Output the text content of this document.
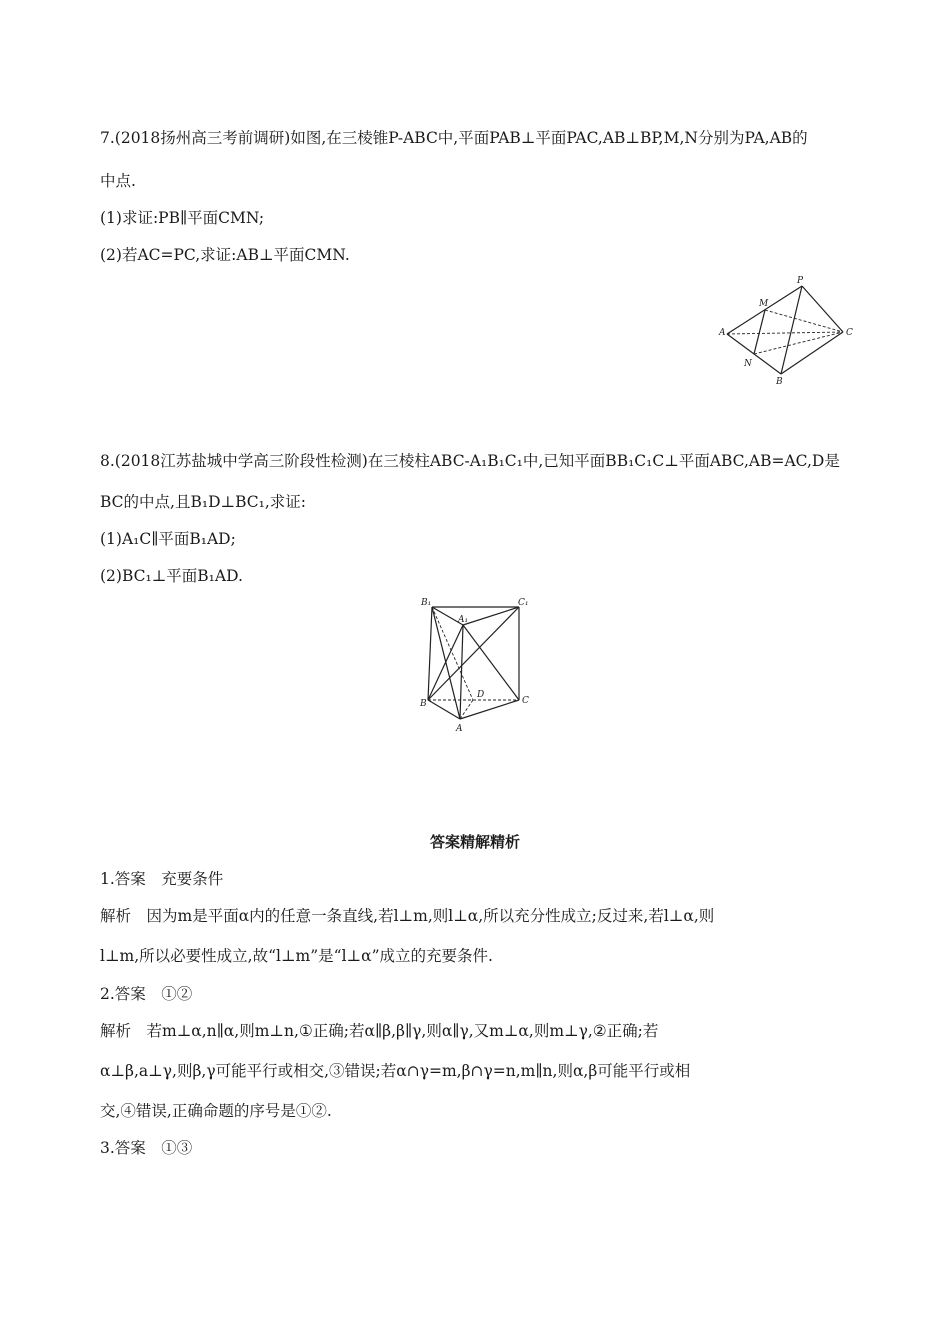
7.(2018扬州高三考前调研)如图,在三棱锥P-ABC中,平面PAB⊥平面PAC,AB⊥BP,M,N分别为PA,AB的
中点.
(1)求证:PB∥平面CMN;
(2)若AC=PC,求证:AB⊥平面CMN.
P
M
A	C
N
B
8.(2018江苏盐城中学高三阶段性检测)在三棱柱ABC-A₁B₁C₁中,已知平面BB₁C₁C⊥平面ABC,AB=AC,D是
BC的中点,且B₁D⊥BC₁,求证:
(1)A₁C∥平面B₁AD;
(2)BC₁⊥平面B₁AD.
B₁	C₁
A₁
D
B	C
A
答案精解精析
1.答案　充要条件
解析　因为m是平面α内的任意一条直线,若l⊥m,则l⊥α,所以充分性成立;反过来,若l⊥α,则
l⊥m,所以必要性成立,故“l⊥m”是“l⊥α”成立的充要条件.
2.答案　①②
解析　若m⊥α,n∥α,则m⊥n,①正确;若α∥β,β∥γ,则α∥γ,又m⊥α,则m⊥γ,②正确;若
α⊥β,a⊥γ,则β,γ可能平行或相交,③错误;若α∩γ=m,β∩γ=n,m∥n,则α,β可能平行或相
交,④错误,正确命题的序号是①②.
3.答案　①③
